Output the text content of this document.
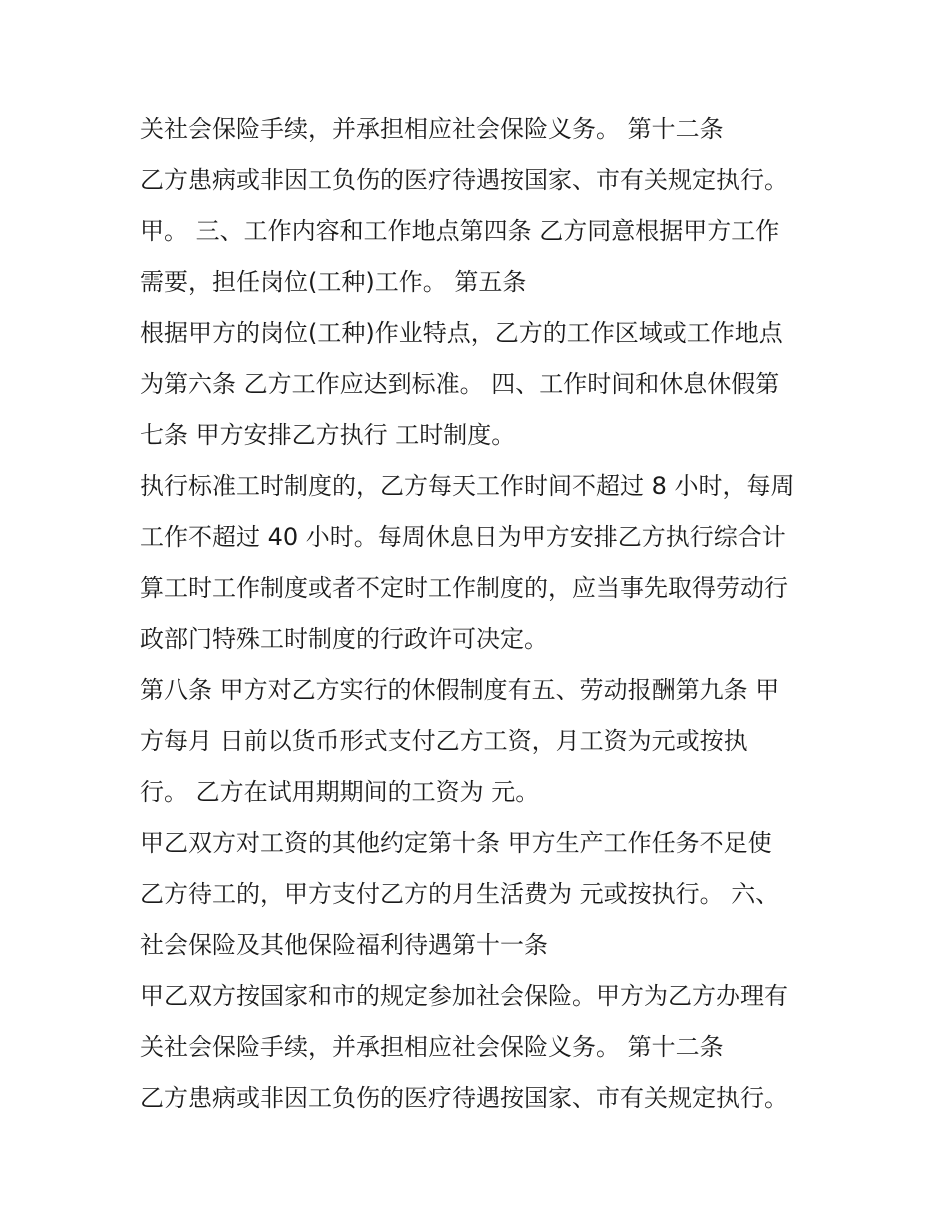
关社会保险手续，并承担相应社会保险义务。 第十二条
乙方患病或非因工负伤的医疗待遇按国家、市有关规定执行。
甲。 三、工作内容和工作地点第四条 乙方同意根据甲方工作
需要，担任岗位(工种)工作。 第五条
根据甲方的岗位(工种)作业特点，乙方的工作区域或工作地点
为第六条 乙方工作应达到标准。 四、工作时间和休息休假第
七条 甲方安排乙方执行 工时制度。
执行标准工时制度的，乙方每天工作时间不超过 8 小时，每周
工作不超过 40 小时。每周休息日为甲方安排乙方执行综合计
算工时工作制度或者不定时工作制度的，应当事先取得劳动行
政部门特殊工时制度的行政许可决定。
第八条 甲方对乙方实行的休假制度有五、劳动报酬第九条 甲
方每月 日前以货币形式支付乙方工资，月工资为元或按执
行。 乙方在试用期期间的工资为 元。
甲乙双方对工资的其他约定第十条 甲方生产工作任务不足使
乙方待工的，甲方支付乙方的月生活费为 元或按执行。 六、
社会保险及其他保险福利待遇第十一条
甲乙双方按国家和市的规定参加社会保险。甲方为乙方办理有
关社会保险手续，并承担相应社会保险义务。 第十二条
乙方患病或非因工负伤的医疗待遇按国家、市有关规定执行。
